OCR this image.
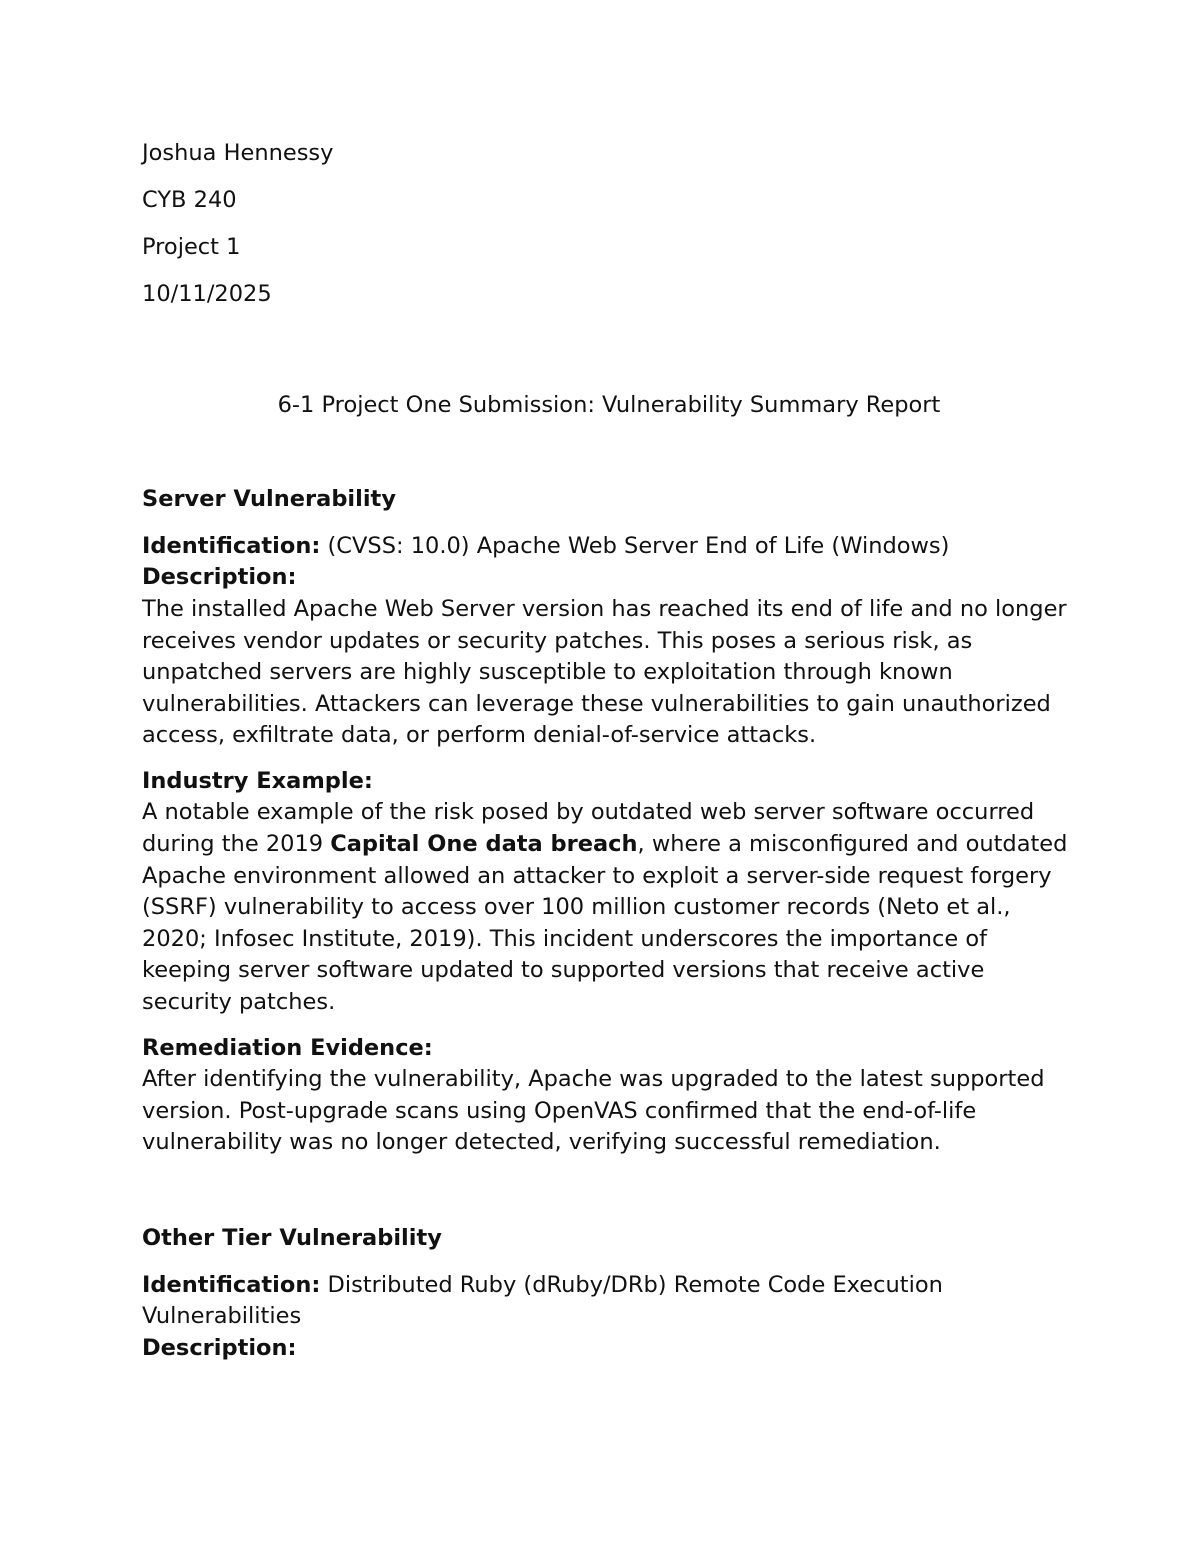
Joshua Hennessy

CYB 240

Project 1

10/11/2025

6-1 Project One Submission: Vulnerability Summary Report

Server Vulnerability

Identification: (CVSS: 10.0) Apache Web Server End of Life (Windows)

Description:

The installed Apache Web Server version has reached its end of life and no longer receives vendor updates or security patches. This poses a serious risk, as unpatched servers are highly susceptible to exploitation through known vulnerabilities. Attackers can leverage these vulnerabilities to gain unauthorized access, exfiltrate data, or perform denial-of-service attacks.

Industry Example:

A notable example of the risk posed by outdated web server software occurred during the 2019 Capital One data breach, where a misconfigured and outdated Apache environment allowed an attacker to exploit a server-side request forgery (SSRF) vulnerability to access over 100 million customer records (Neto et al., 2020; Infosec Institute, 2019). This incident underscores the importance of keeping server software updated to supported versions that receive active security patches.

Remediation Evidence:

After identifying the vulnerability, Apache was upgraded to the latest supported version. Post-upgrade scans using OpenVAS confirmed that the end-of-life vulnerability was no longer detected, verifying successful remediation.

Other Tier Vulnerability

Identification: Distributed Ruby (dRuby/DRb) Remote Code Execution Vulnerabilities

Description:
